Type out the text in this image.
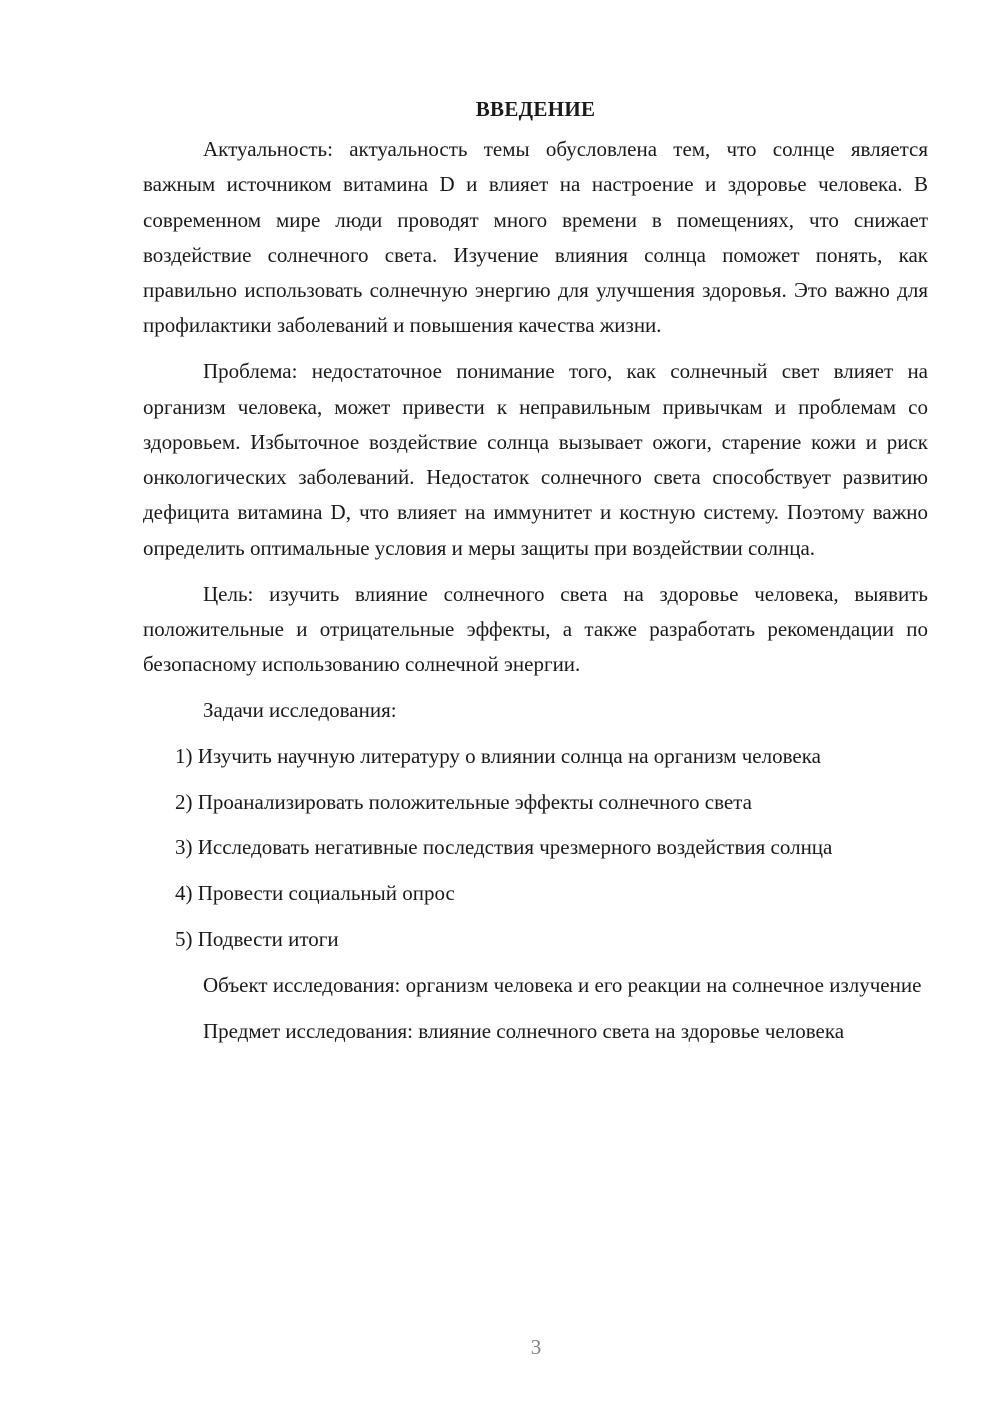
ВВЕДЕНИЕ

Актуальность: актуальность темы обусловлена тем, что солнце является важным источником витамина D и влияет на настроение и здоровье человека. В современном мире люди проводят много времени в помещениях, что снижает воздействие солнечного света. Изучение влияния солнца поможет понять, как правильно использовать солнечную энергию для улучшения здоровья. Это важно для профилактики заболеваний и повышения качества жизни.

Проблема: недостаточное понимание того, как солнечный свет влияет на организм человека, может привести к неправильным привычкам и проблемам со здоровьем. Избыточное воздействие солнца вызывает ожоги, старение кожи и риск онкологических заболеваний. Недостаток солнечного света способствует развитию дефицита витамина D, что влияет на иммунитет и костную систему. Поэтому важно определить оптимальные условия и меры защиты при воздействии солнца.

Цель: изучить влияние солнечного света на здоровье человека, выявить положительные и отрицательные эффекты, а также разработать рекомендации по безопасному использованию солнечной энергии.

Задачи исследования:

1) Изучить научную литературу о влиянии солнца на организм человека

2) Проанализировать положительные эффекты солнечного света

3) Исследовать негативные последствия чрезмерного воздействия солнца

4) Провести социальный опрос

5) Подвести итоги

Объект исследования: организм человека и его реакции на солнечное излучение

Предмет исследования: влияние солнечного света на здоровье человека

3
